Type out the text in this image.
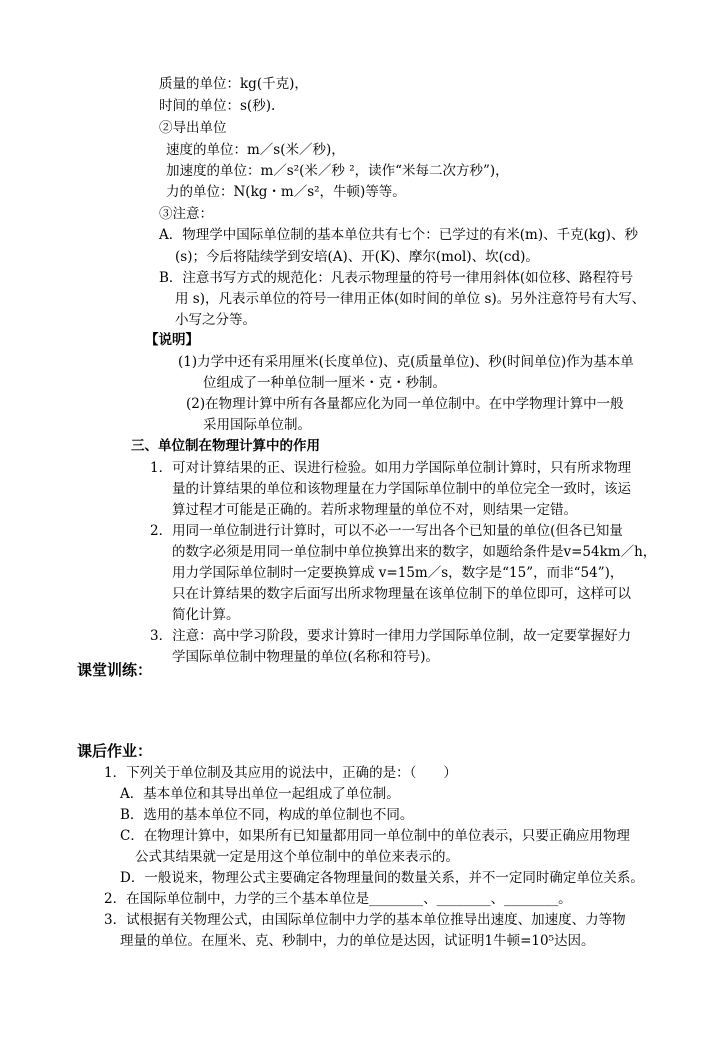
质量的单位：kg(千克)，
时间的单位：s(秒).
②导出单位
速度的单位：m／s(米／秒)，
加速度的单位：m／s²(米／秒 ²，读作“米每二次方秒”)，
力的单位：N(kg・m／s²，牛顿)等等。
③注意：
A．物理学中国际单位制的基本单位共有七个：已学过的有米(m)、千克(kg)、秒
(s)；今后将陆续学到安培(A)、开(K)、摩尔(mol)、坎(cd)。
B．注意书写方式的规范化：凡表示物理量的符号一律用斜体(如位移、路程符号
用 s)，凡表示单位的符号一律用正体(如时间的单位 s)。另外注意符号有大写、
小写之分等。
【说明】
(1)力学中还有采用厘米(长度单位)、克(质量单位)、秒(时间单位)作为基本单
位组成了一种单位制一厘米・克・秒制。
(2)在物理计算中所有各量都应化为同一单位制中。在中学物理计算中一般
采用国际单位制。
三、单位制在物理计算中的作用
1．可对计算结果的正、误进行检验。如用力学国际单位制计算时，只有所求物理
量的计算结果的单位和该物理量在力学国际单位制中的单位完全一致时，该运
算过程才可能是正确的。若所求物理量的单位不对，则结果一定错。
2．用同一单位制进行计算时，可以不必一一写出各个已知量的单位(但各已知量
的数字必须是用同一单位制中单位换算出来的数字，如题给条件是v=54km／h，
用力学国际单位制时一定要换算成 v=15m／s，数字是“15”，而非“54”)，
只在计算结果的数字后面写出所求物理量在该单位制下的单位即可，这样可以
简化计算。
3．注意：高中学习阶段，要求计算时一律用力学国际单位制，故一定要掌握好力
学国际单位制中物理量的单位(名称和符号)。
课堂训练：
课后作业：
1．下列关于单位制及其应用的说法中，正确的是：（　　）
A．基本单位和其导出单位一起组成了单位制。
B．选用的基本单位不同，构成的单位制也不同。
C．在物理计算中，如果所有已知量都用同一单位制中的单位表示，只要正确应用物理
公式其结果就一定是用这个单位制中的单位来表示的。
D．一般说来，物理公式主要确定各物理量间的数量关系，并不一定同时确定单位关系。
2．在国际单位制中，力学的三个基本单位是________、________、________。
3．试根据有关物理公式，由国际单位制中力学的基本单位推导出速度、加速度、力等物
理量的单位。在厘米、克、秒制中，力的单位是达因，试证明1牛顿=10⁵达因。
